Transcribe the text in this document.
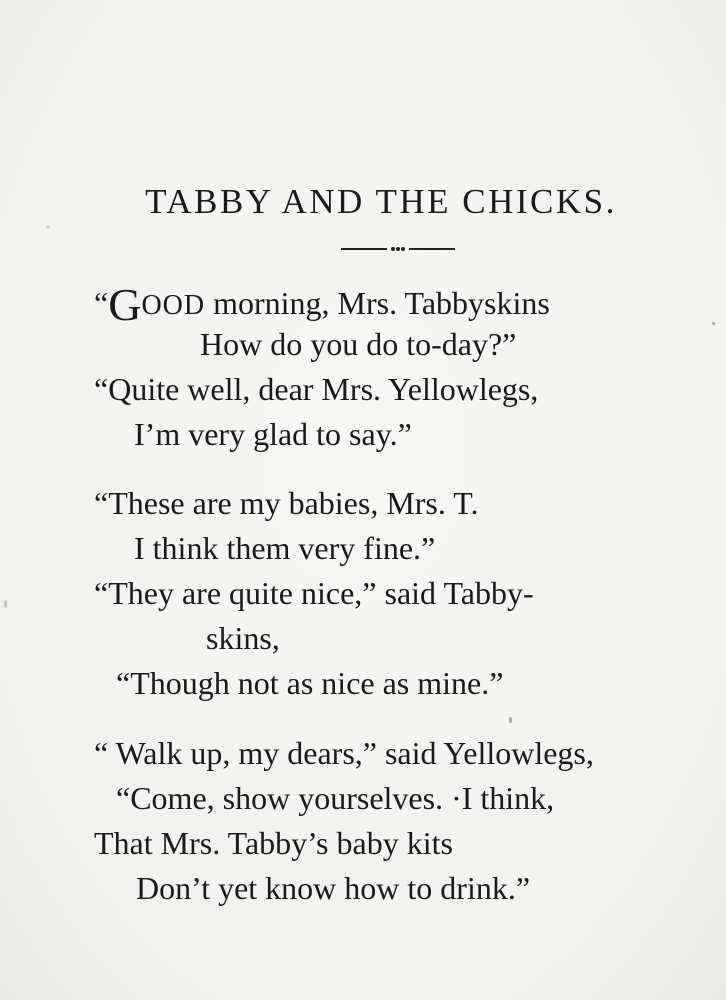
TABBY AND THE CHICKS.
“GOOD morning, Mrs. Tabbyskins
How do you do to-day?”
“Quite well, dear Mrs. Yellowlegs,
I’m very glad to say.”
“These are my babies, Mrs. T.
I think them very fine.”
“They are quite nice,” said Tabby-
skins,
“Though not as nice as mine.”
“ Walk up, my dears,” said Yellowlegs,
“Come, show yourselves. ·I think,
That Mrs. Tabby’s baby kits
Don’t yet know how to drink.”
